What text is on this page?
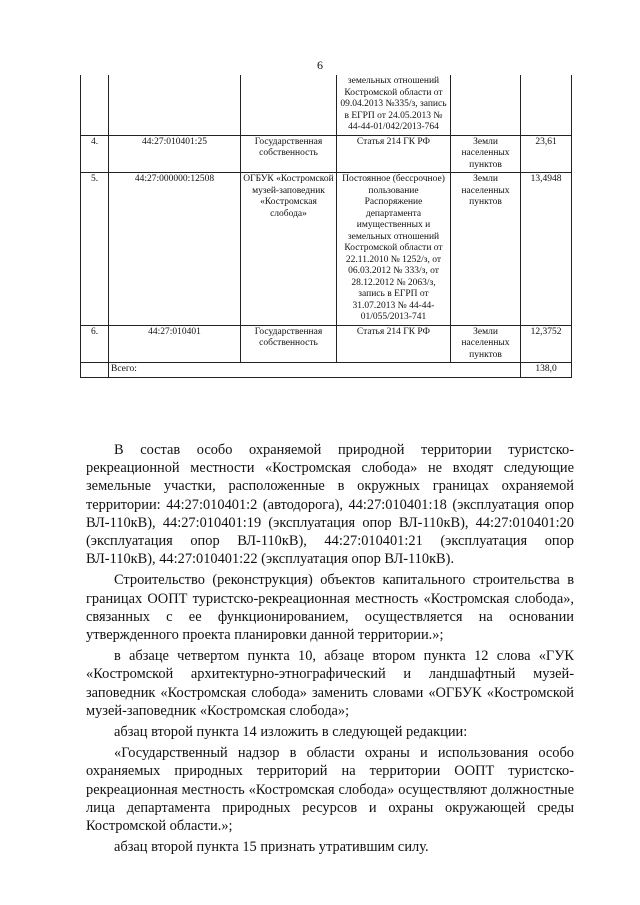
6
			земельных отношений Костромской области от 09.04.2013 №335/з, запись в ЕГРП от 24.05.2013 № 44-44-01/042/2013-764		
4.	44:27:010401:25	Государственная собственность	Статья 214 ГК РФ	Земли населенных пунктов	23,61
5.	44:27:000000:12508	ОГБУК «Костромской музей-заповедник «Костромская слобода»	Постоянное (бессрочное) пользование Распоряжение департамента имущественных и земельных отношений Костромской области от 22.11.2010 № 1252/з, от 06.03.2012 № 333/з, от 28.12.2012 № 2063/з, запись в ЕГРП от 31.07.2013 № 44-44-01/055/2013-741	Земли населенных пунктов	13,4948
6.	44:27:010401	Государственная собственность	Статья 214 ГК РФ	Земли населенных пунктов	12,3752
	Всего:				138,0

В состав особо охраняемой природной территории туристско-рекреационной местности «Костромская слобода» не входят следующие земельные участки, расположенные в окружных границах охраняемой территории: 44:27:010401:2 (автодорога), 44:27:010401:18 (эксплуатация опор ВЛ-110кВ), 44:27:010401:19 (эксплуатация опор ВЛ-110кВ), 44:27:010401:20 (эксплуатация опор ВЛ-110кВ), 44:27:010401:21 (эксплуатация опор ВЛ-110кВ), 44:27:010401:22 (эксплуатация опор ВЛ-110кВ).

Строительство (реконструкция) объектов капитального строительства в границах ООПТ туристско-рекреационная местность «Костромская слобода», связанных с ее функционированием, осуществляется на основании утвержденного проекта планировки данной территории.»;

в абзаце четвертом пункта 10, абзаце втором пункта 12 слова «ГУК «Костромской архитектурно-этнографический и ландшафтный музей-заповедник «Костромская слобода» заменить словами «ОГБУК «Костромской музей-заповедник «Костромская слобода»;

абзац второй пункта 14 изложить в следующей редакции:

«Государственный надзор в области охраны и использования особо охраняемых природных территорий на территории ООПТ туристско-рекреационная местность «Костромская слобода» осуществляют должностные лица департамента природных ресурсов и охраны окружающей среды Костромской области.»;

абзац второй пункта 15 признать утратившим силу.
